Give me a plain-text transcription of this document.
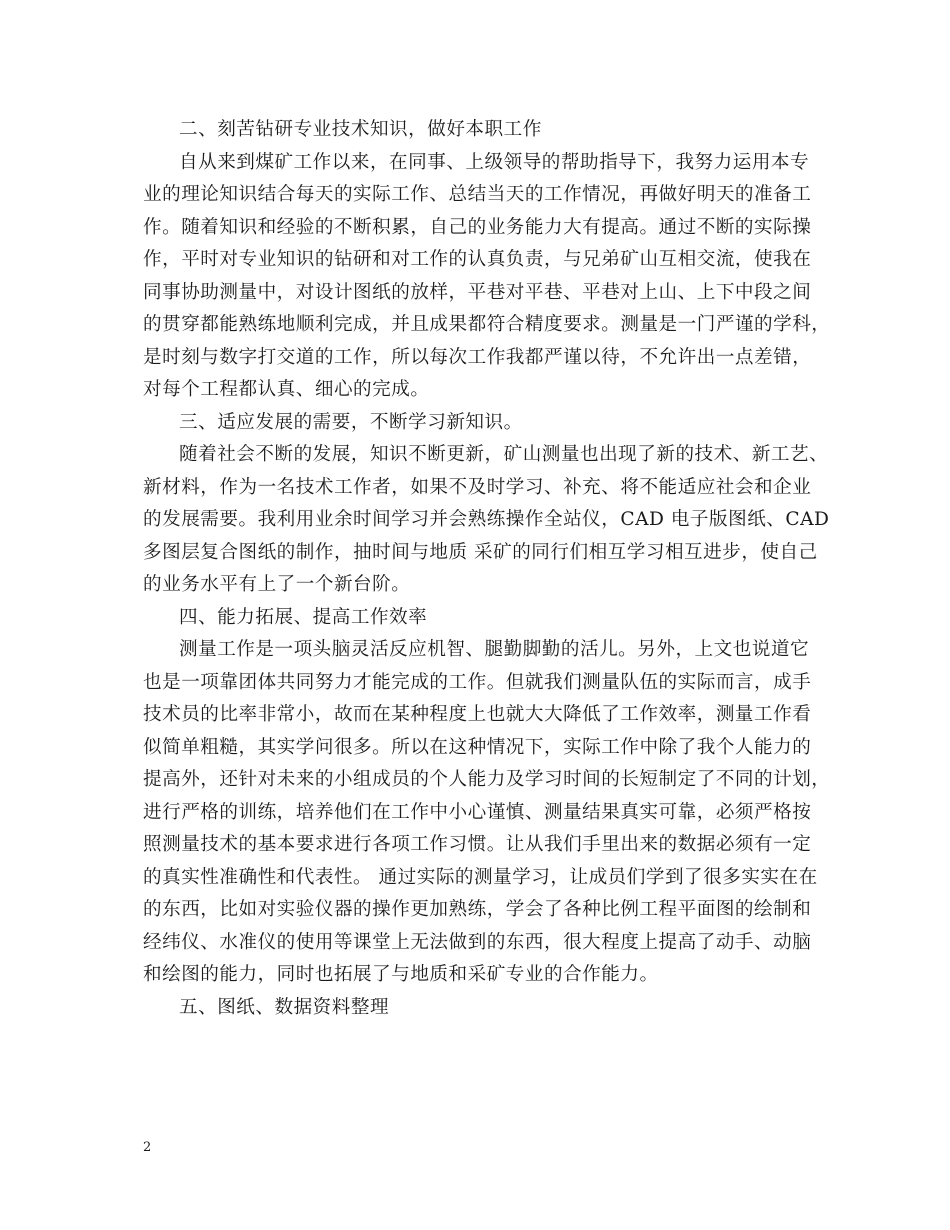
二、刻苦钻研专业技术知识，做好本职工作
自从来到煤矿工作以来，在同事、上级领导的帮助指导下，我努力运用本专
业的理论知识结合每天的实际工作、总结当天的工作情况，再做好明天的准备工
作。随着知识和经验的不断积累，自己的业务能力大有提高。通过不断的实际操
作，平时对专业知识的钻研和对工作的认真负责，与兄弟矿山互相交流，使我在
同事协助测量中，对设计图纸的放样，平巷对平巷、平巷对上山、上下中段之间
的贯穿都能熟练地顺利完成，并且成果都符合精度要求。测量是一门严谨的学科，
是时刻与数字打交道的工作，所以每次工作我都严谨以待，不允许出一点差错，
对每个工程都认真、细心的完成。
三、适应发展的需要，不断学习新知识。
随着社会不断的发展，知识不断更新，矿山测量也出现了新的技术、新工艺、
新材料，作为一名技术工作者，如果不及时学习、补充、将不能适应社会和企业
的发展需要。我利用业余时间学习并会熟练操作全站仪，CAD 电子版图纸、CAD
多图层复合图纸的制作，抽时间与地质 采矿的同行们相互学习相互进步，使自己
的业务水平有上了一个新台阶。
四、能力拓展、提高工作效率
测量工作是一项头脑灵活反应机智、腿勤脚勤的活儿。另外，上文也说道它
也是一项靠团体共同努力才能完成的工作。但就我们测量队伍的实际而言，成手
技术员的比率非常小，故而在某种程度上也就大大降低了工作效率，测量工作看
似简单粗糙，其实学问很多。所以在这种情况下，实际工作中除了我个人能力的
提高外，还针对未来的小组成员的个人能力及学习时间的长短制定了不同的计划，
进行严格的训练，培养他们在工作中小心谨慎、测量结果真实可靠，必须严格按
照测量技术的基本要求进行各项工作习惯。让从我们手里出来的数据必须有一定
的真实性准确性和代表性。 通过实际的测量学习，让成员们学到了很多实实在在
的东西，比如对实验仪器的操作更加熟练，学会了各种比例工程平面图的绘制和
经纬仪、水准仪的使用等课堂上无法做到的东西，很大程度上提高了动手、动脑
和绘图的能力，同时也拓展了与地质和采矿专业的合作能力。
五、图纸、数据资料整理
2
